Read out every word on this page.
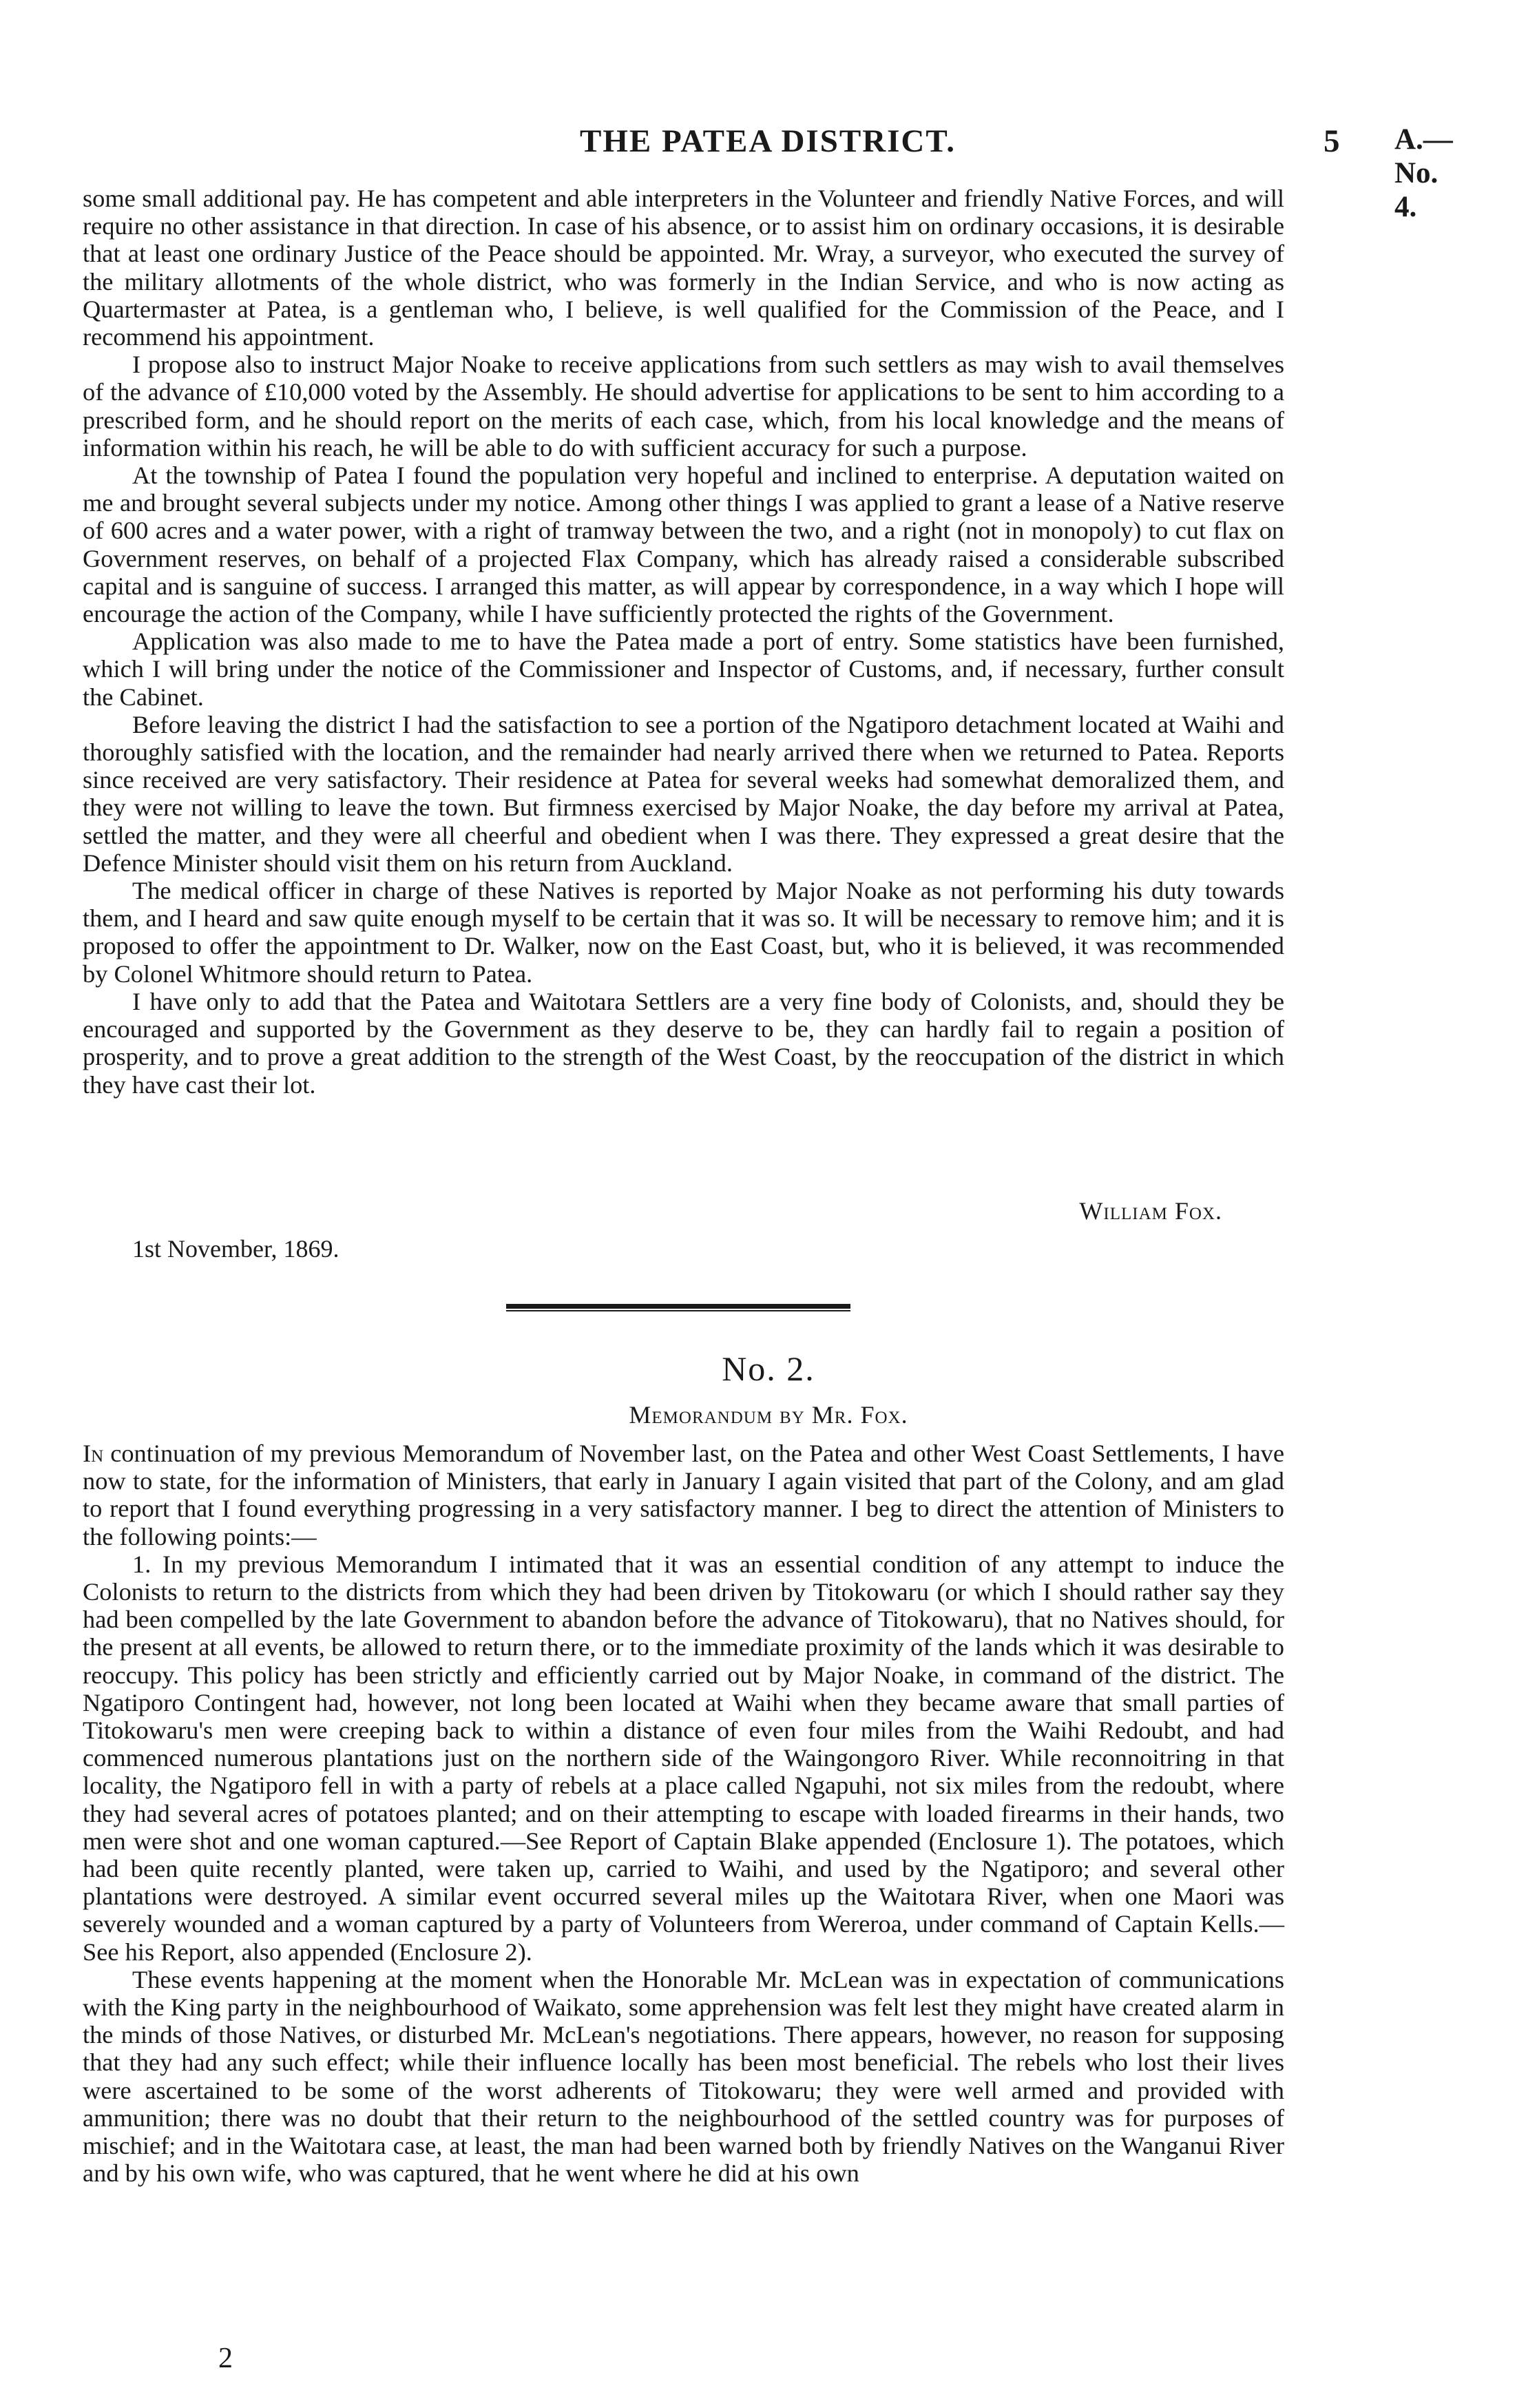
THE PATEA DISTRICT.	5 A.—No. 4.

some small additional pay. He has competent and able interpreters in the Volunteer and friendly Native Forces, and will require no other assistance in that direction. In case of his absence, or to assist him on ordinary occasions, it is desirable that at least one ordinary Justice of the Peace should be appointed. Mr. Wray, a surveyor, who executed the survey of the military allotments of the whole district, who was formerly in the Indian Service, and who is now acting as Quartermaster at Patea, is a gentleman who, I believe, is well qualified for the Commission of the Peace, and I recommend his appointment.

I propose also to instruct Major Noake to receive applications from such settlers as may wish to avail themselves of the advance of £10,000 voted by the Assembly. He should advertise for applications to be sent to him according to a prescribed form, and he should report on the merits of each case, which, from his local knowledge and the means of information within his reach, he will be able to do with sufficient accuracy for such a purpose.

At the township of Patea I found the population very hopeful and inclined to enterprise. A deputation waited on me and brought several subjects under my notice. Among other things I was applied to grant a lease of a Native reserve of 600 acres and a water power, with a right of tramway between the two, and a right (not in monopoly) to cut flax on Government reserves, on behalf of a projected Flax Company, which has already raised a considerable subscribed capital and is sanguine of success. I arranged this matter, as will appear by correspondence, in a way which I hope will encourage the action of the Company, while I have sufficiently protected the rights of the Government.

Application was also made to me to have the Patea made a port of entry. Some statistics have been furnished, which I will bring under the notice of the Commissioner and Inspector of Customs, and, if necessary, further consult the Cabinet.

Before leaving the district I had the satisfaction to see a portion of the Ngatiporo detachment located at Waihi and thoroughly satisfied with the location, and the remainder had nearly arrived there when we returned to Patea. Reports since received are very satisfactory. Their residence at Patea for several weeks had somewhat demoralized them, and they were not willing to leave the town. But firmness exercised by Major Noake, the day before my arrival at Patea, settled the matter, and they were all cheerful and obedient when I was there. They expressed a great desire that the Defence Minister should visit them on his return from Auckland.

The medical officer in charge of these Natives is reported by Major Noake as not performing his duty towards them, and I heard and saw quite enough myself to be certain that it was so. It will be necessary to remove him; and it is proposed to offer the appointment to Dr. Walker, now on the East Coast, but, who it is believed, it was recommended by Colonel Whitmore should return to Patea.

I have only to add that the Patea and Waitotara Settlers are a very fine body of Colonists, and, should they be encouraged and supported by the Government as they deserve to be, they can hardly fail to regain a position of prosperity, and to prove a great addition to the strength of the West Coast, by the reoccupation of the district in which they have cast their lot.

William Fox.
1st November, 1869.
No. 2.
Memorandum by Mr. Fox.

In continuation of my previous Memorandum of November last, on the Patea and other West Coast Settlements, I have now to state, for the information of Ministers, that early in January I again visited that part of the Colony, and am glad to report that I found everything progressing in a very satisfactory manner. I beg to direct the attention of Ministers to the following points:—

1. In my previous Memorandum I intimated that it was an essential condition of any attempt to induce the Colonists to return to the districts from which they had been driven by Titokowaru (or which I should rather say they had been compelled by the late Government to abandon before the advance of Titokowaru), that no Natives should, for the present at all events, be allowed to return there, or to the immediate proximity of the lands which it was desirable to reoccupy. This policy has been strictly and efficiently carried out by Major Noake, in command of the district. The Ngatiporo Contingent had, however, not long been located at Waihi when they became aware that small parties of Titokowaru's men were creeping back to within a distance of even four miles from the Waihi Redoubt, and had commenced numerous plantations just on the northern side of the Waingongoro River. While reconnoitring in that locality, the Ngatiporo fell in with a party of rebels at a place called Ngapuhi, not six miles from the redoubt, where they had several acres of potatoes planted; and on their attempting to escape with loaded firearms in their hands, two men were shot and one woman captured.—See Report of Captain Blake appended (Enclosure 1). The potatoes, which had been quite recently planted, were taken up, carried to Waihi, and used by the Ngatiporo; and several other plantations were destroyed. A similar event occurred several miles up the Waitotara River, when one Maori was severely wounded and a woman captured by a party of Volunteers from Wereroa, under command of Captain Kells.—See his Report, also appended (Enclosure 2).

These events happening at the moment when the Honorable Mr. McLean was in expectation of communications with the King party in the neighbourhood of Waikato, some apprehension was felt lest they might have created alarm in the minds of those Natives, or disturbed Mr. McLean's negotiations. There appears, however, no reason for supposing that they had any such effect; while their influence locally has been most beneficial. The rebels who lost their lives were ascertained to be some of the worst adherents of Titokowaru; they were well armed and provided with ammunition; there was no doubt that their return to the neighbourhood of the settled country was for purposes of mischief; and in the Waitotara case, at least, the man had been warned both by friendly Natives on the Wanganui River and by his own wife, who was captured, that he went where he did at his own

2
